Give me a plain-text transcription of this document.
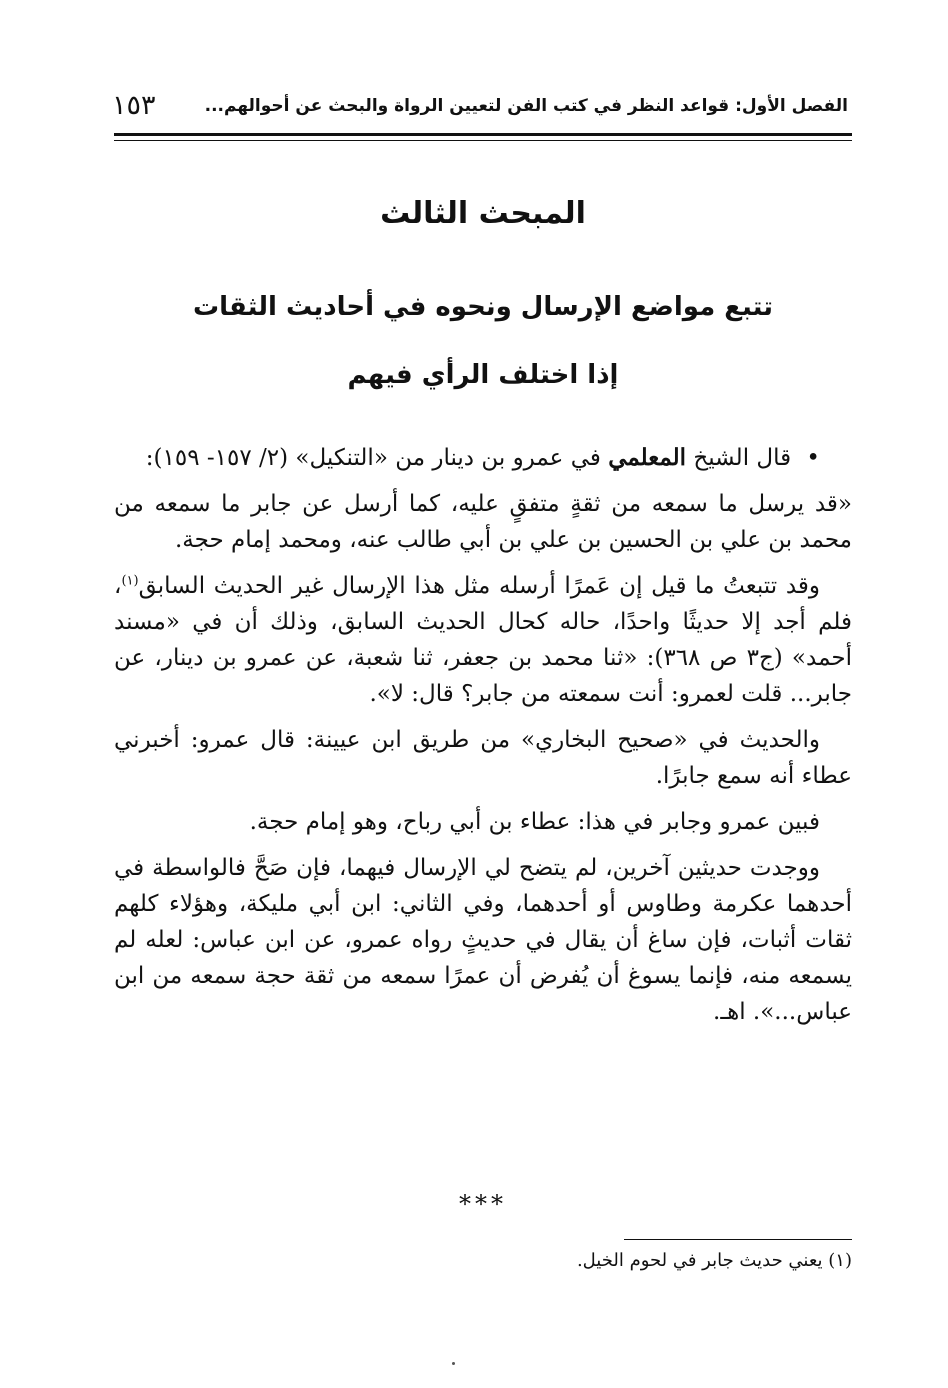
الفصل الأول: قواعد النظر في كتب الفن لتعيين الرواة والبحث عن أحوالهم...
١٥٣
المبحث الثالث
تتبع مواضع الإرسال ونحوه في أحاديث الثقات
إذا اختلف الرأي فيهم

• قال الشيخ المعلمي في عمرو بن دينار من «التنكيل» (٢/ ١٥٧- ١٥٩):

«قد يرسل ما سمعه من ثقةٍ متفقٍ عليه، كما أرسل عن جابر ما سمعه من محمد بن علي بن الحسين بن علي بن أبي طالب عنه، ومحمد إمام حجة.

وقد تتبعتُ ما قيل إن عَمرًا أرسله مثل هذا الإرسال غير الحديث السابق$^{(١)}$، فلم أجد إلا حديثًا واحدًا، حاله كحال الحديث السابق، وذلك أن في «مسند أحمد» (ج٣ ص ٣٦٨): «ثنا محمد بن جعفر، ثنا شعبة، عن عمرو بن دينار، عن جابر... قلت لعمرو: أنت سمعته من جابر؟ قال: لا».

والحديث في «صحيح البخاري» من طريق ابن عيينة: قال عمرو: أخبرني عطاء أنه سمع جابرًا.

فبين عمرو وجابر في هذا: عطاء بن أبي رباح، وهو إمام حجة.

ووجدت حديثين آخرين، لم يتضح لي الإرسال فيهما، فإن صَحَّ فالواسطة في أحدهما عكرمة وطاوس أو أحدهما، وفي الثاني: ابن أبي مليكة، وهؤلاء كلهم ثقات أثبات، فإن ساغ أن يقال في حديثٍ رواه عمرو، عن ابن عباس: لعله لم يسمعه منه، فإنما يسوغ أن يُفرض أن عمرًا سمعه من ثقة حجة سمعه من ابن عباس...». اهـ.

***
(١) يعني حديث جابر في لحوم الخيل.
